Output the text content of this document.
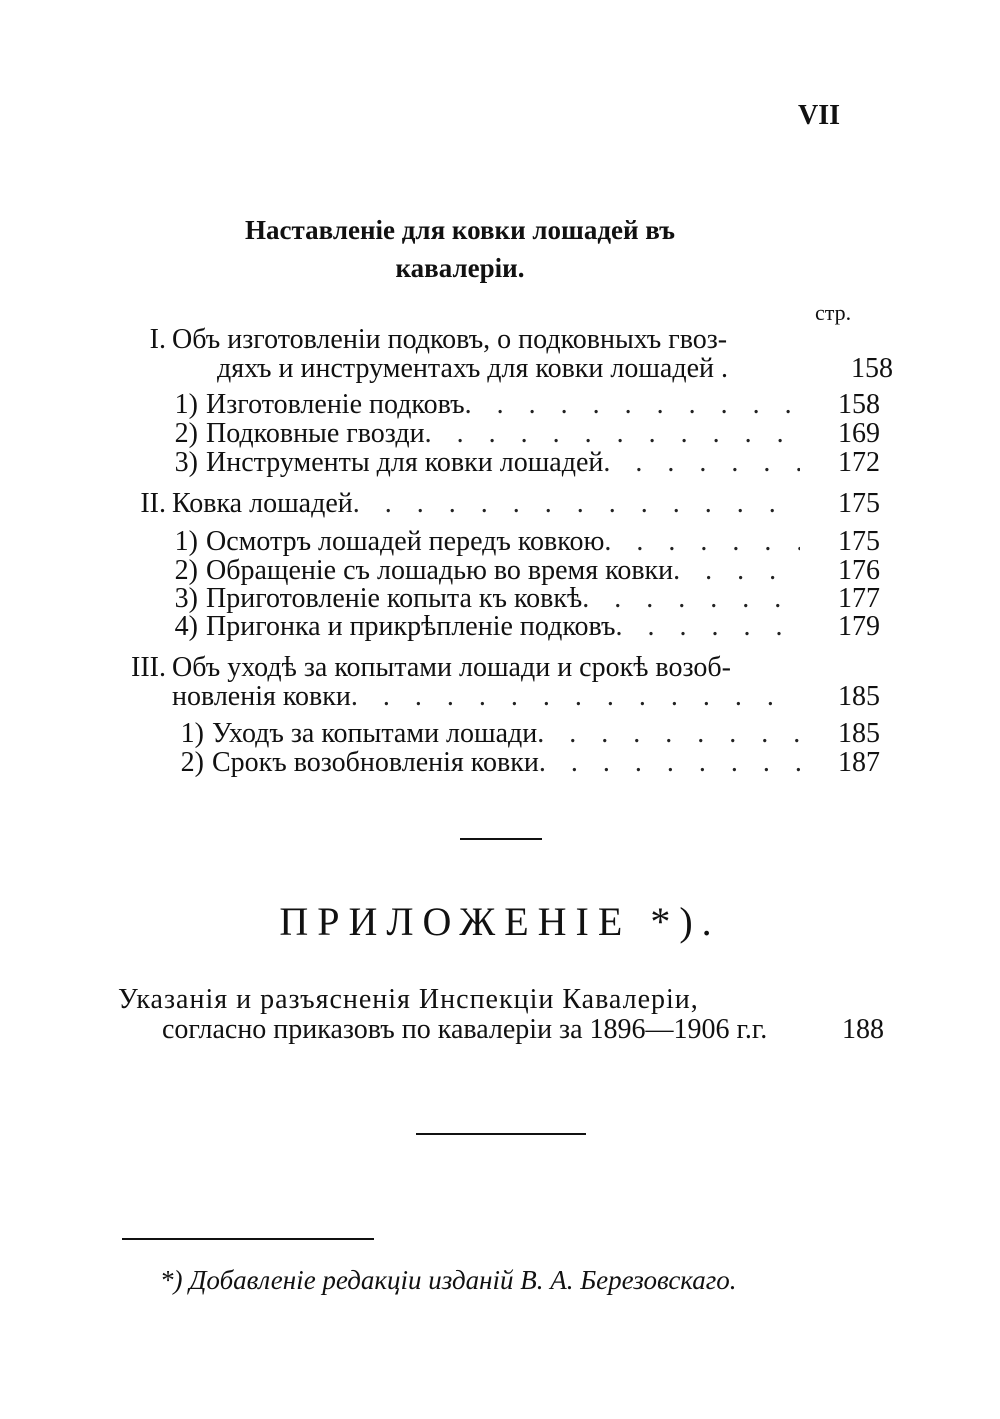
VII
Наставленіе для ковки лошадей въ
кавалеріи.
стр.
I. Объ изготовленіи подковъ, о подковныхъ гвоз-
дяхъ и инструментахъ для ковки лошадей .	158
1) Изготовленіе подковъ . . .	158
2) Подковные гвозди . . .	169
3) Инструменты для ковки лошадей . . .	172
II. Ковка лошадей . . .	175
1) Осмотръ лошадей передъ ковкою . . .	175
2) Обращеніе съ лошадью во время ковки . . .	176
3) Приготовленіе копыта къ ковкѣ . . .	177
4) Пригонка и прикрѣпленіе подковъ . . .	179
III. Объ уходѣ за копытами лошади и срокѣ возоб-
новленія ковки . . .	185
1) Уходъ за копытами лошади . . .	185
2) Срокъ возобновленія ковки . . .	187
ПРИЛОЖЕНІЕ *).
Указанія и разъясненія Инспекціи Кавалеріи,
согласно приказовъ по кавалеріи за 1896—1906 г.г.	188
*) Добавленіе редакціи изданій В. А. Березовскаго.
